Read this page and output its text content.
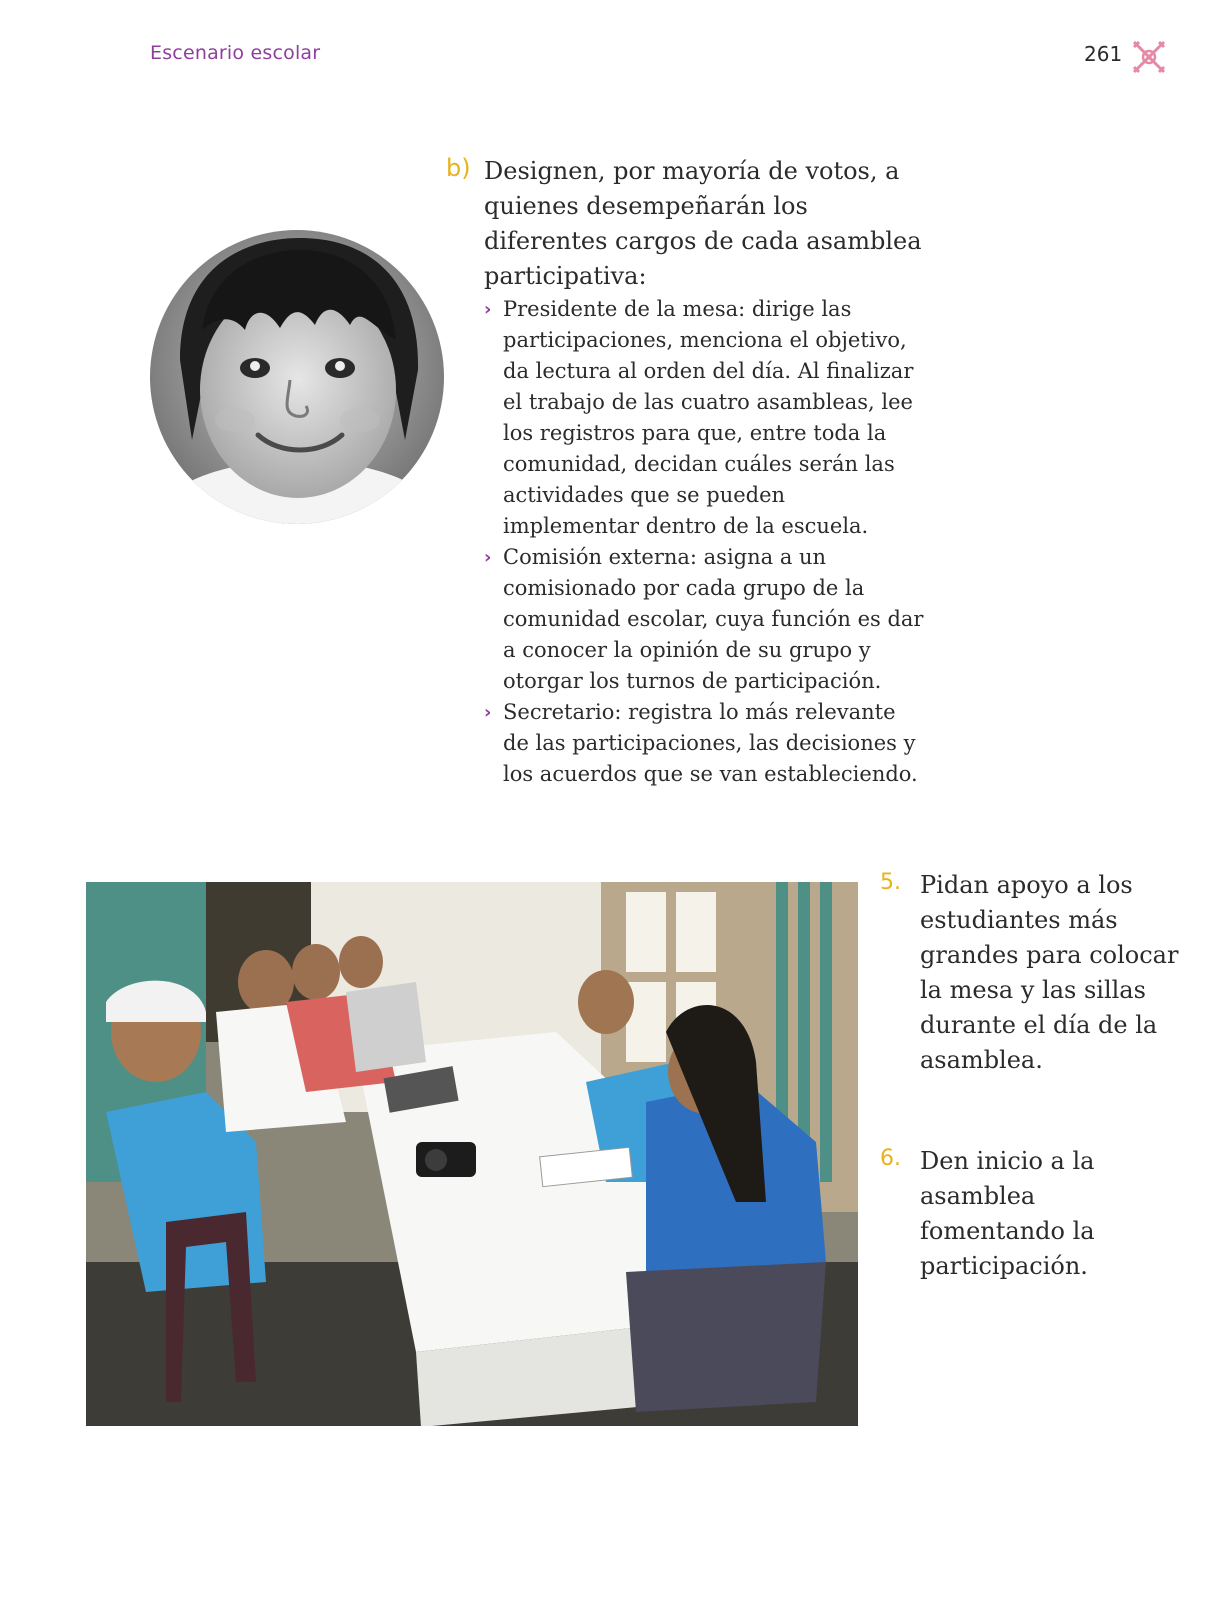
Escenario escolar	261
b) Designen, por mayoría de votos, a quienes desempeñarán los diferentes cargos de cada asamblea participativa:
› Presidente de la mesa: dirige las participaciones, menciona el objetivo, da lectura al orden del día. Al finalizar el trabajo de las cuatro asambleas, lee los registros para que, entre toda la comunidad, decidan cuáles serán las actividades que se pueden implementar dentro de la escuela.
› Comisión externa: asigna a un comisionado por cada grupo de la comunidad escolar, cuya función es dar a conocer la opinión de su grupo y otorgar los turnos de participación.
› Secretario: registra lo más relevante de las participaciones, las decisiones y los acuerdos que se van estableciendo.
5. Pidan apoyo a los estudiantes más grandes para colocar la mesa y las sillas durante el día de la asamblea.
6. Den inicio a la asamblea fomentando la participación.
